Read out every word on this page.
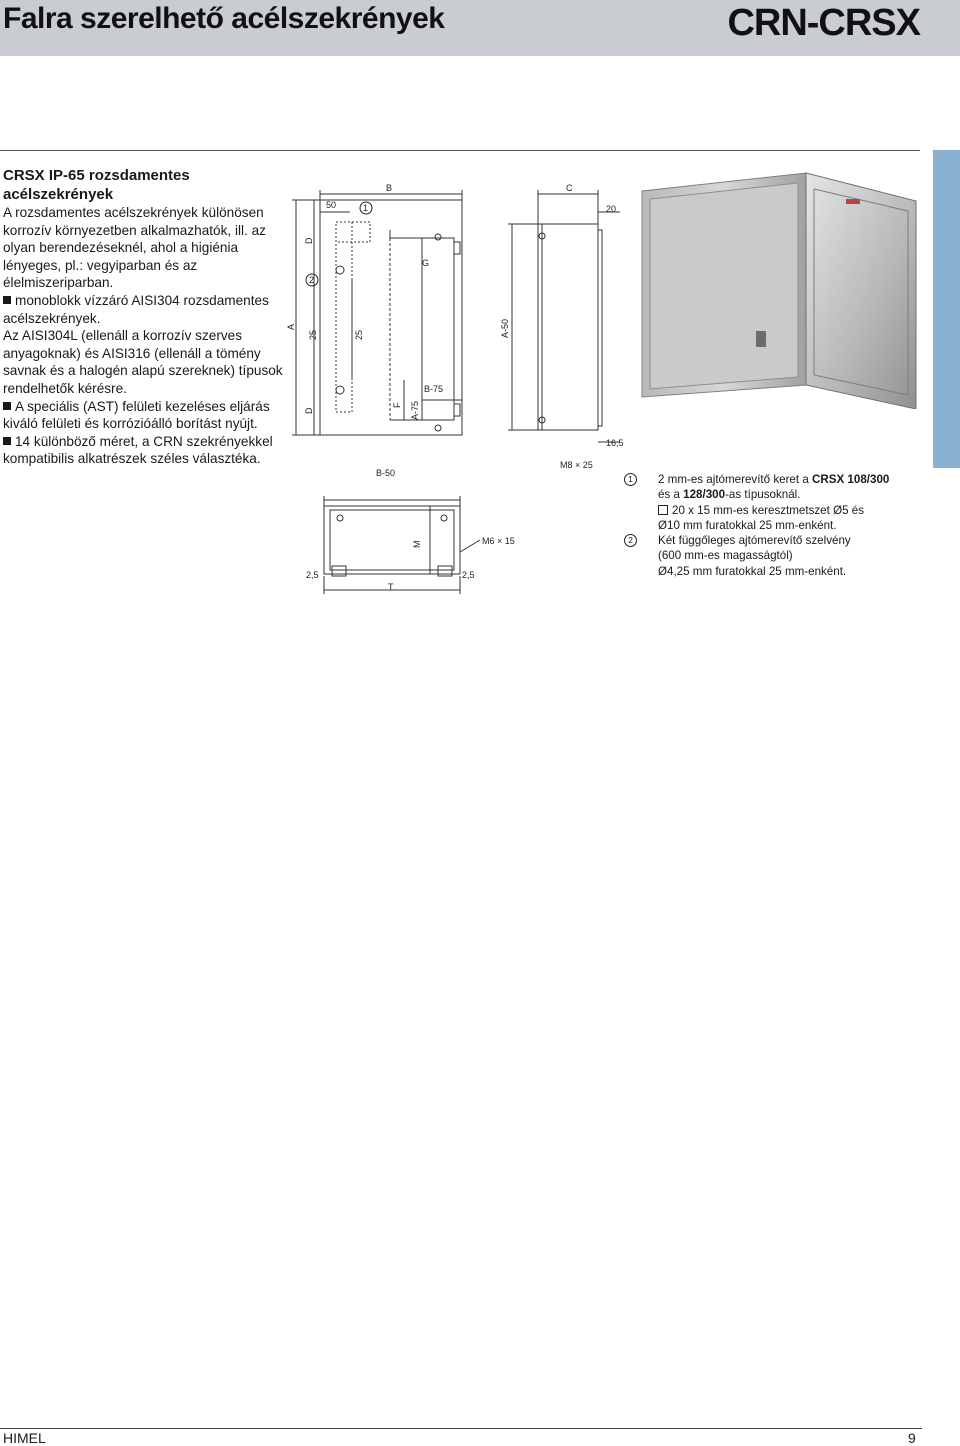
Falra szerelhető acélszekrények	CRN-CRSX
CRSX IP-65 rozsdamentes acélszekrények

A rozsdamentes acélszekrények különösen korrozív környezetben alkalmazhatók, ill. az olyan berendezéseknél, ahol a higiénia lényeges, pl.: vegyiparban és az élelmiszeriparban.

monoblokk vízzáró AISI304 rozsdamentes acélszekrények.

Az AISI304L (ellenáll a korrozív szerves anyagoknak) és AISI316 (ellenáll a tömény savnak és a halogén alapú szereknek) típusok rendelhetők kérésre.

A speciális (AST) felületi kezeléses eljárás kiváló felületi és korrózióálló borítást nyújt.

14 különböző méret, a CRN szekrényekkel kompatibilis alkatrészek széles választéka.

B	C
50	20
1
2
D
D
A
25	25
G
A-50
B-75
F A-75
16,5
M8 × 25
B-50
M	M6 × 15
2,5	2,5
T
1	2 mm-es ajtómerevítő keret a CRSX 108/300
és a 128/300-as típusoknál.
20 x 15 mm-es keresztmetszet Ø5 és
Ø10 mm furatokkal 25 mm-enként.
2	Két függőleges ajtómerevítő szelvény
(600 mm-es magasságtól)
Ø4,25 mm furatokkal 25 mm-enként.
HIMEL	9
